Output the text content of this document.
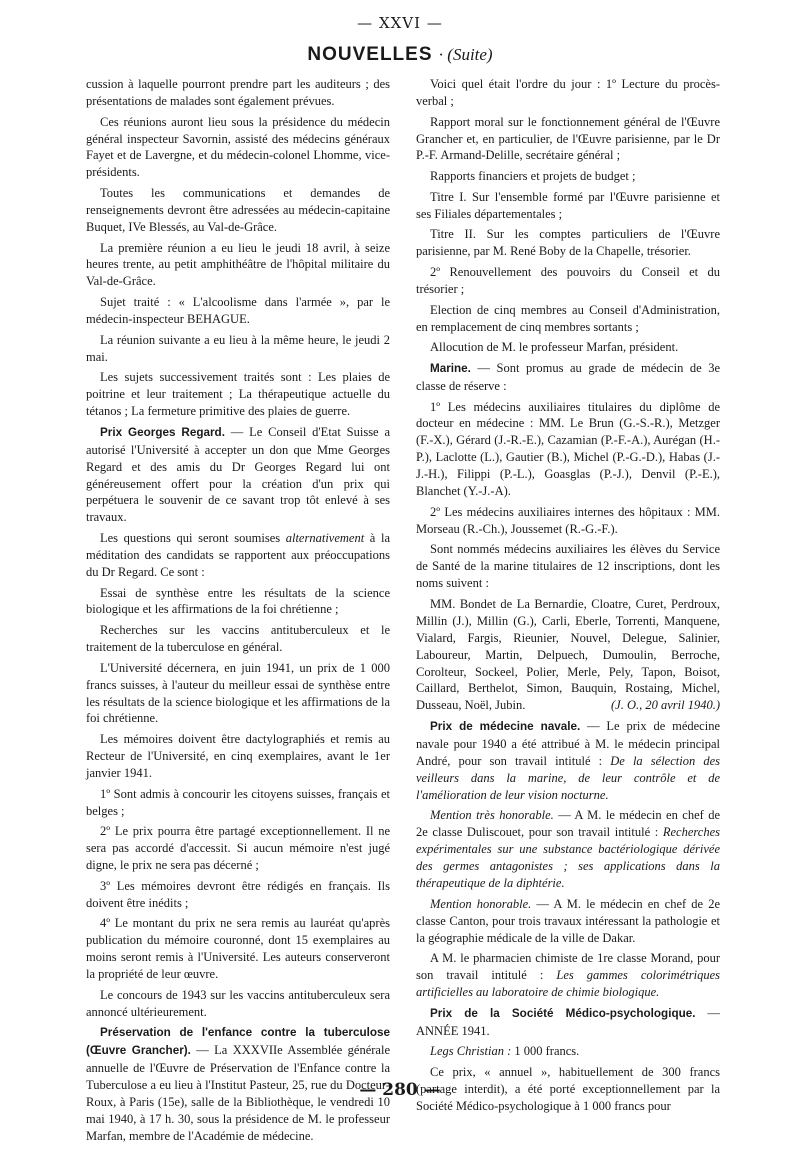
— XXVI —
NOUVELLES · (Suite)

cussion à laquelle pourront prendre part les auditeurs ; des présentations de malades sont également prévues.

Ces réunions auront lieu sous la présidence du médecin général inspecteur Savornin, assisté des médecins généraux Fayet et de Lavergne, et du médecin-colonel Lhomme, vice-présidents.

Toutes les communications et demandes de renseignements devront être adressées au médecin-capitaine Buquet, IVe Blessés, au Val-de-Grâce.

La première réunion a eu lieu le jeudi 18 avril, à seize heures trente, au petit amphithéâtre de l'hôpital militaire du Val-de-Grâce.

Sujet traité : « L'alcoolisme dans l'armée », par le médecin-inspecteur BEHAGUE.

La réunion suivante a eu lieu à la même heure, le jeudi 2 mai.

Les sujets successivement traités sont : Les plaies de poitrine et leur traitement ; La thérapeutique actuelle du tétanos ; La fermeture primitive des plaies de guerre.

Prix Georges Regard. — Le Conseil d'Etat Suisse a autorisé l'Université à accepter un don que Mme Georges Regard et des amis du Dr Georges Regard lui ont généreusement offert pour la création d'un prix qui perpétuera le souvenir de ce savant trop tôt enlevé à ses travaux.

Les questions qui seront soumises alternativement à la méditation des candidats se rapportent aux préoccupations du Dr Regard. Ce sont :

Essai de synthèse entre les résultats de la science biologique et les affirmations de la foi chrétienne ;

Recherches sur les vaccins antituberculeux et le traitement de la tuberculose en général.

L'Université décernera, en juin 1941, un prix de 1 000 francs suisses, à l'auteur du meilleur essai de synthèse entre les résultats de la science biologique et les affirmations de la foi chrétienne.

Les mémoires doivent être dactylographiés et remis au Recteur de l'Université, en cinq exemplaires, avant le 1er janvier 1941.

1º Sont admis à concourir les citoyens suisses, français et belges ;

2º Le prix pourra être partagé exceptionnellement. Il ne sera pas accordé d'accessit. Si aucun mémoire n'est jugé digne, le prix ne sera pas décerné ;

3º Les mémoires devront être rédigés en français. Ils doivent être inédits ;

4º Le montant du prix ne sera remis au lauréat qu'après publication du mémoire couronné, dont 15 exemplaires au moins seront remis à l'Université. Les auteurs conserveront la propriété de leur œuvre.

Le concours de 1943 sur les vaccins antituberculeux sera annoncé ultérieurement.

Préservation de l'enfance contre la tuberculose (Œuvre Grancher). — La XXXVIIe Assemblée générale annuelle de l'Œuvre de Préservation de l'Enfance contre la Tuberculose a eu lieu à l'Institut Pasteur, 25, rue du Docteur-Roux, à Paris (15e), salle de la Bibliothèque, le vendredi 10 mai 1940, à 17 h. 30, sous la présidence de M. le professeur Marfan, membre de l'Académie de médecine.

Voici quel était l'ordre du jour : 1º Lecture du procès-verbal ;

Rapport moral sur le fonctionnement général de l'Œuvre Grancher et, en particulier, de l'Œuvre parisienne, par le Dr P.-F. Armand-Delille, secrétaire général ;

Rapports financiers et projets de budget ;

Titre I. Sur l'ensemble formé par l'Œuvre parisienne et ses Filiales départementales ;

Titre II. Sur les comptes particuliers de l'Œuvre parisienne, par M. René Boby de la Chapelle, trésorier.

2º Renouvellement des pouvoirs du Conseil et du trésorier ;

Election de cinq membres au Conseil d'Administration, en remplacement de cinq membres sortants ;

Allocution de M. le professeur Marfan, président.

Marine. — Sont promus au grade de médecin de 3e classe de réserve :

1º Les médecins auxiliaires titulaires du diplôme de docteur en médecine : MM. Le Brun (G.-S.-R.), Metzger (F.-X.), Gérard (J.-R.-E.), Cazamian (P.-F.-A.), Aurégan (H.-P.), Laclotte (L.), Gautier (B.), Michel (P.-G.-D.), Habas (J.-J.-H.), Filippi (P.-L.), Goasglas (P.-J.), Denvil (P.-E.), Blanchet (Y.-J.-A).

2º Les médecins auxiliaires internes des hôpitaux : MM. Morseau (R.-Ch.), Joussemet (R.-G.-F.).

Sont nommés médecins auxiliaires les élèves du Service de Santé de la marine titulaires de 12 inscriptions, dont les noms suivent :

MM. Bondet de La Bernardie, Cloatre, Curet, Perdroux, Millin (J.), Millin (G.), Carli, Eberle, Torrenti, Manquene, Vialard, Fargis, Rieunier, Nouvel, Delegue, Salinier, Laboureur, Martin, Delpuech, Dumoulin, Berroche, Corolteur, Sockeel, Polier, Merle, Pely, Tapon, Boisot, Caillard, Berthelot, Simon, Bauquin, Rostaing, Michel, Dusseau, Noël, Jubin.	(J. O., 20 avril 1940.)

Prix de médecine navale. — Le prix de médecine navale pour 1940 a été attribué à M. le médecin principal André, pour son travail intitulé : De la sélection des veilleurs dans la marine, de leur contrôle et de l'amélioration de leur vision nocturne.

Mention très honorable. — A M. le médecin en chef de 2e classe Duliscouet, pour son travail intitulé : Recherches expérimentales sur une substance bactériologique dérivée des germes antagonistes ; ses applications dans la thérapeutique de la diphtérie.

Mention honorable. — A M. le médecin en chef de 2e classe Canton, pour trois travaux intéressant la pathologie et la géographie médicale de la ville de Dakar.

A M. le pharmacien chimiste de 1re classe Morand, pour son travail intitulé : Les gammes colorimétriques artificielles au laboratoire de chimie biologique.

Prix de la Société Médico-psychologique. — ANNÉE 1941.

Legs Christian : 1 000 francs.

Ce prix, « annuel », habituellement de 300 francs (partage interdit), a été porté exceptionnellement par la Société Médico-psychologique à 1 000 francs pour

— 280 —
